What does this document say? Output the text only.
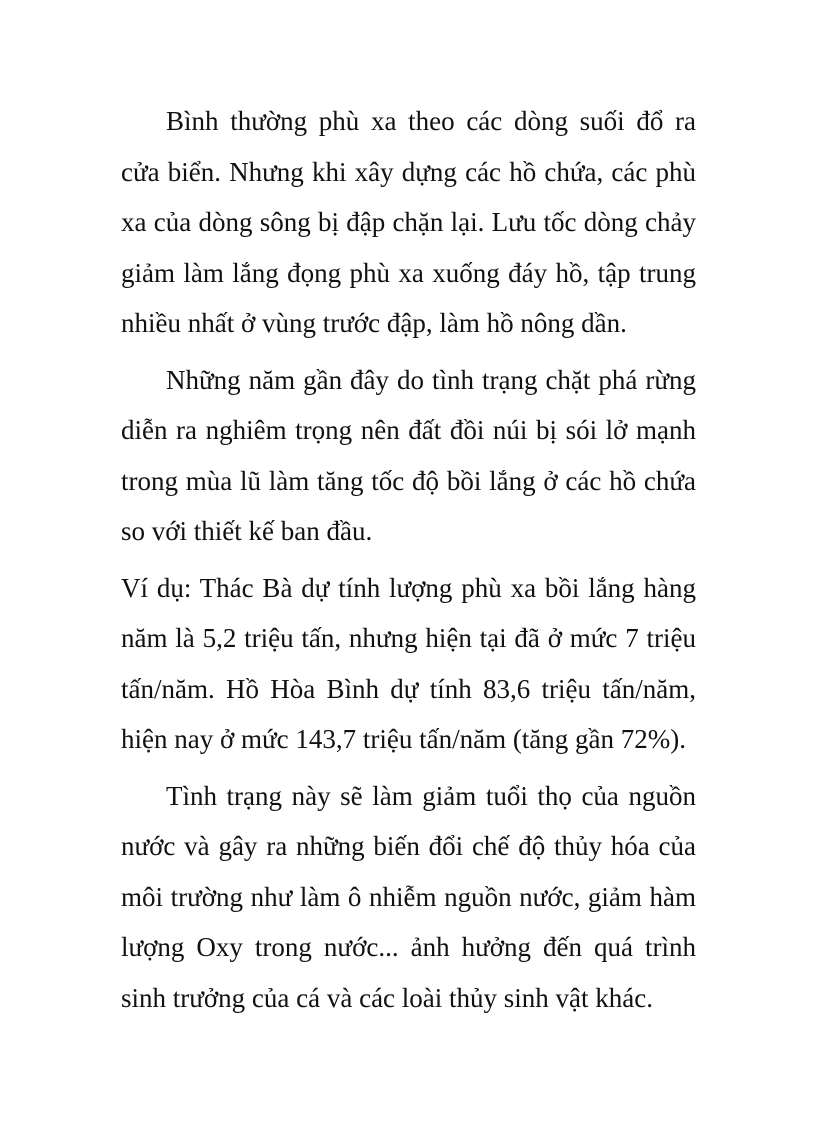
Bình thường phù xa theo các dòng suối đổ ra cửa biển. Nhưng khi xây dựng các hồ chứa, các phù xa của dòng sông bị đập chặn lại. Lưu tốc dòng chảy giảm làm lắng đọng phù xa xuống đáy hồ, tập trung nhiều nhất ở vùng trước đập, làm hồ nông dần.

Những năm gần đây do tình trạng chặt phá rừng diễn ra nghiêm trọng nên đất đồi núi bị sói lở mạnh trong mùa lũ làm tăng tốc độ bồi lắng ở các hồ chứa so với thiết kế ban đầu.

Ví dụ: Thác Bà dự tính lượng phù xa bồi lắng hàng năm là 5,2 triệu tấn, nhưng hiện tại đã ở mức 7 triệu tấn/năm. Hồ Hòa Bình dự tính 83,6 triệu tấn/năm, hiện nay ở mức 143,7 triệu tấn/năm (tăng gần 72%).

Tình trạng này sẽ làm giảm tuổi thọ của nguồn nước và gây ra những biến đổi chế độ thủy hóa của môi trường như làm ô nhiễm nguồn nước, giảm hàm lượng Oxy trong nước... ảnh hưởng đến quá trình sinh trưởng của cá và các loài thủy sinh vật khác.
